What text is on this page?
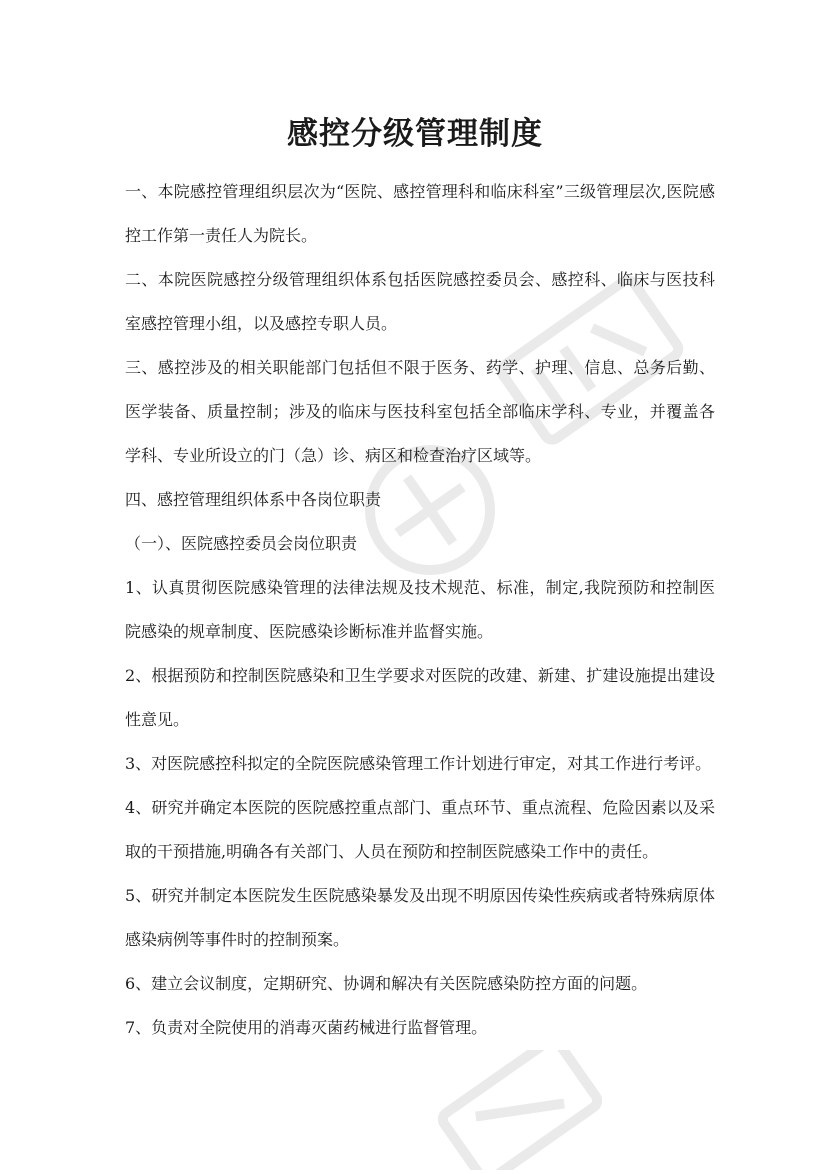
感控分级管理制度

一、本院感控管理组织层次为“医院、感控管理科和临床科室”三级管理层次,医院感控工作第一责任人为院长。

二、本院医院感控分级管理组织体系包括医院感控委员会、感控科、临床与医技科室感控管理小组，以及感控专职人员。

三、感控涉及的相关职能部门包括但不限于医务、药学、护理、信息、总务后勤、医学装备、质量控制；涉及的临床与医技科室包括全部临床学科、专业，并覆盖各学科、专业所设立的门（急）诊、病区和检查治疗区域等。

四、感控管理组织体系中各岗位职责

（一）、医院感控委员会岗位职责

1、认真贯彻医院感染管理的法律法规及技术规范、标准，制定,我院预防和控制医院感染的规章制度、医院感染诊断标准并监督实施。

2、根据预防和控制医院感染和卫生学要求对医院的改建、新建、扩建设施提出建设性意见。

3、对医院感控科拟定的全院医院感染管理工作计划进行审定，对其工作进行考评。

4、研究并确定本医院的医院感控重点部门、重点环节、重点流程、危险因素以及采取的干预措施,明确各有关部门、人员在预防和控制医院感染工作中的责任。

5、研究并制定本医院发生医院感染暴发及出现不明原因传染性疾病或者特殊病原体感染病例等事件时的控制预案。

6、建立会议制度，定期研究、协调和解决有关医院感染防控方面的问题。

7、负责对全院使用的消毒灭菌药械进行监督管理。
